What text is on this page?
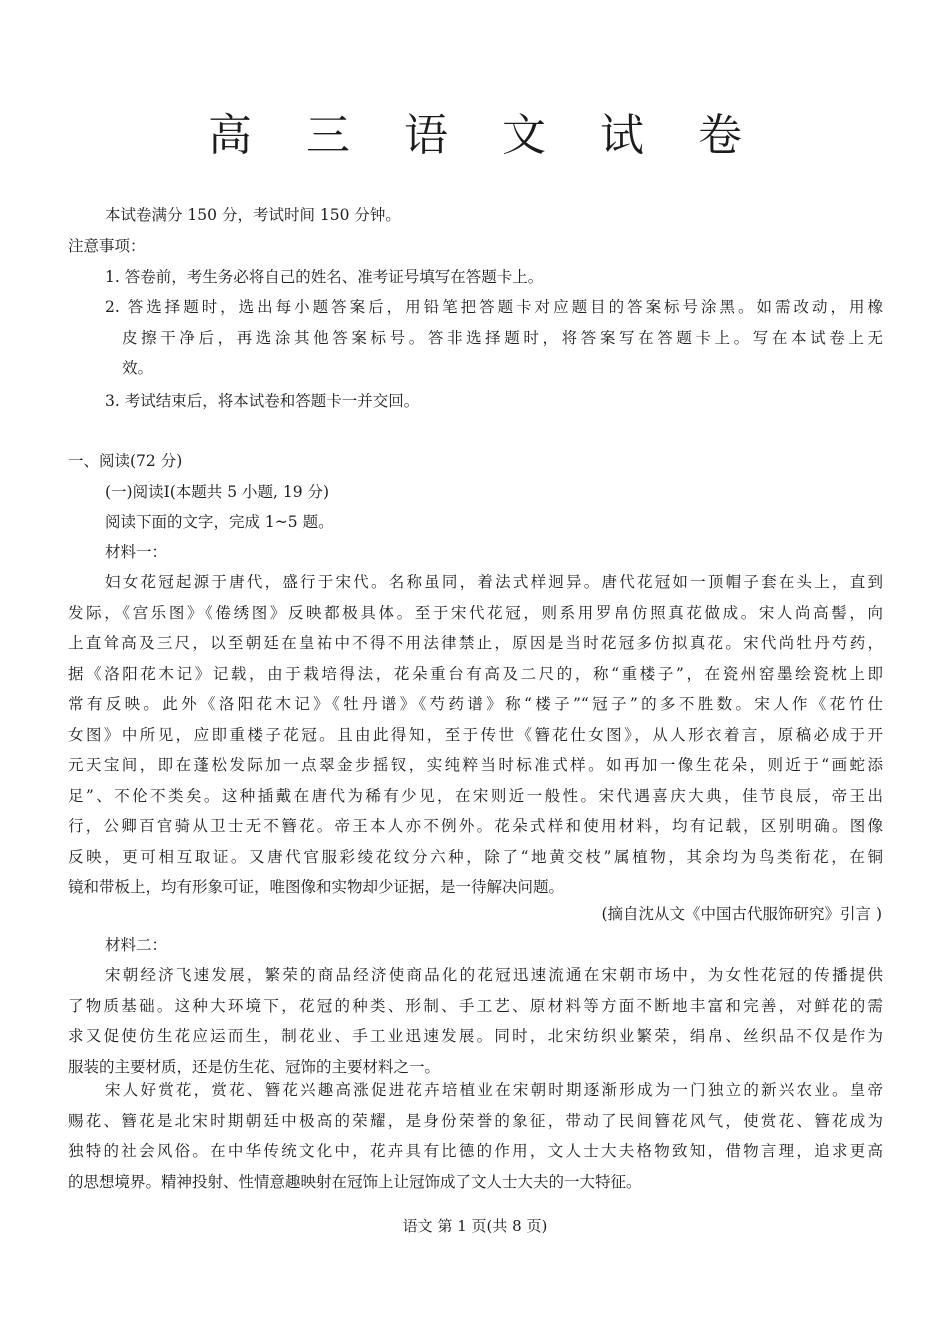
高 三 语 文 试 卷
本试卷满分 150 分，考试时间 150 分钟。
注意事项：
1. 答卷前，考生务必将自己的姓名、准考证号填写在答题卡上。
2. 答选择题时，选出每小题答案后，用铅笔把答题卡对应题目的答案标号涂黑。如需改动，用橡
皮擦干净后，再选涂其他答案标号。答非选择题时，将答案写在答题卡上。写在本试卷上无
效。
3. 考试结束后，将本试卷和答题卡一并交回。
一、阅读(72 分)
(一)阅读Ⅰ(本题共 5 小题, 19 分)
阅读下面的文字，完成 1~5 题。
材料一：
妇女花冠起源于唐代，盛行于宋代。名称虽同，着法式样迥异。唐代花冠如一顶帽子套在头上，直到
发际，《宫乐图》《倦绣图》反映都极具体。至于宋代花冠，则系用罗帛仿照真花做成。宋人尚高髻，向
上直耸高及三尺，以至朝廷在皇祐中不得不用法律禁止，原因是当时花冠多仿拟真花。宋代尚牡丹芍药，
据《洛阳花木记》记载，由于栽培得法，花朵重台有高及二尺的，称“重楼子”，在瓷州窑墨绘瓷枕上即
常有反映。此外《洛阳花木记》《牡丹谱》《芍药谱》称“楼子”“冠子”的多不胜数。宋人作《花竹仕
女图》中所见，应即重楼子花冠。且由此得知，至于传世《簪花仕女图》，从人形衣着言，原稿必成于开
元天宝间，即在蓬松发际加一点翠金步摇钗，实纯粹当时标准式样。如再加一像生花朵，则近于“画蛇添
足”、不伦不类矣。这种插戴在唐代为稀有少见，在宋则近一般性。宋代遇喜庆大典，佳节良辰，帝王出
行，公卿百官骑从卫士无不簪花。帝王本人亦不例外。花朵式样和使用材料，均有记载，区别明确。图像
反映，更可相互取证。又唐代官服彩绫花纹分六种，除了“地黄交枝”属植物，其余均为鸟类衔花，在铜
镜和带板上，均有形象可证，唯图像和实物却少证据，是一待解决问题。
(摘自沈从文《中国古代服饰研究》引言 )
材料二：
宋朝经济飞速发展，繁荣的商品经济使商品化的花冠迅速流通在宋朝市场中，为女性花冠的传播提供
了物质基础。这种大环境下，花冠的种类、形制、手工艺、原材料等方面不断地丰富和完善，对鲜花的需
求又促使仿生花应运而生，制花业、手工业迅速发展。同时，北宋纺织业繁荣，绢帛、丝织品不仅是作为
服装的主要材质，还是仿生花、冠饰的主要材料之一。
宋人好赏花，赏花、簪花兴趣高涨促进花卉培植业在宋朝时期逐渐形成为一门独立的新兴农业。皇帝
赐花、簪花是北宋时期朝廷中极高的荣耀，是身份荣誉的象征，带动了民间簪花风气，使赏花、簪花成为
独特的社会风俗。在中华传统文化中，花卉具有比德的作用，文人士大夫格物致知，借物言理，追求更高
的思想境界。精神投射、性情意趣映射在冠饰上让冠饰成了文人士大夫的一大特征。
语文 第 1 页(共 8 页)
